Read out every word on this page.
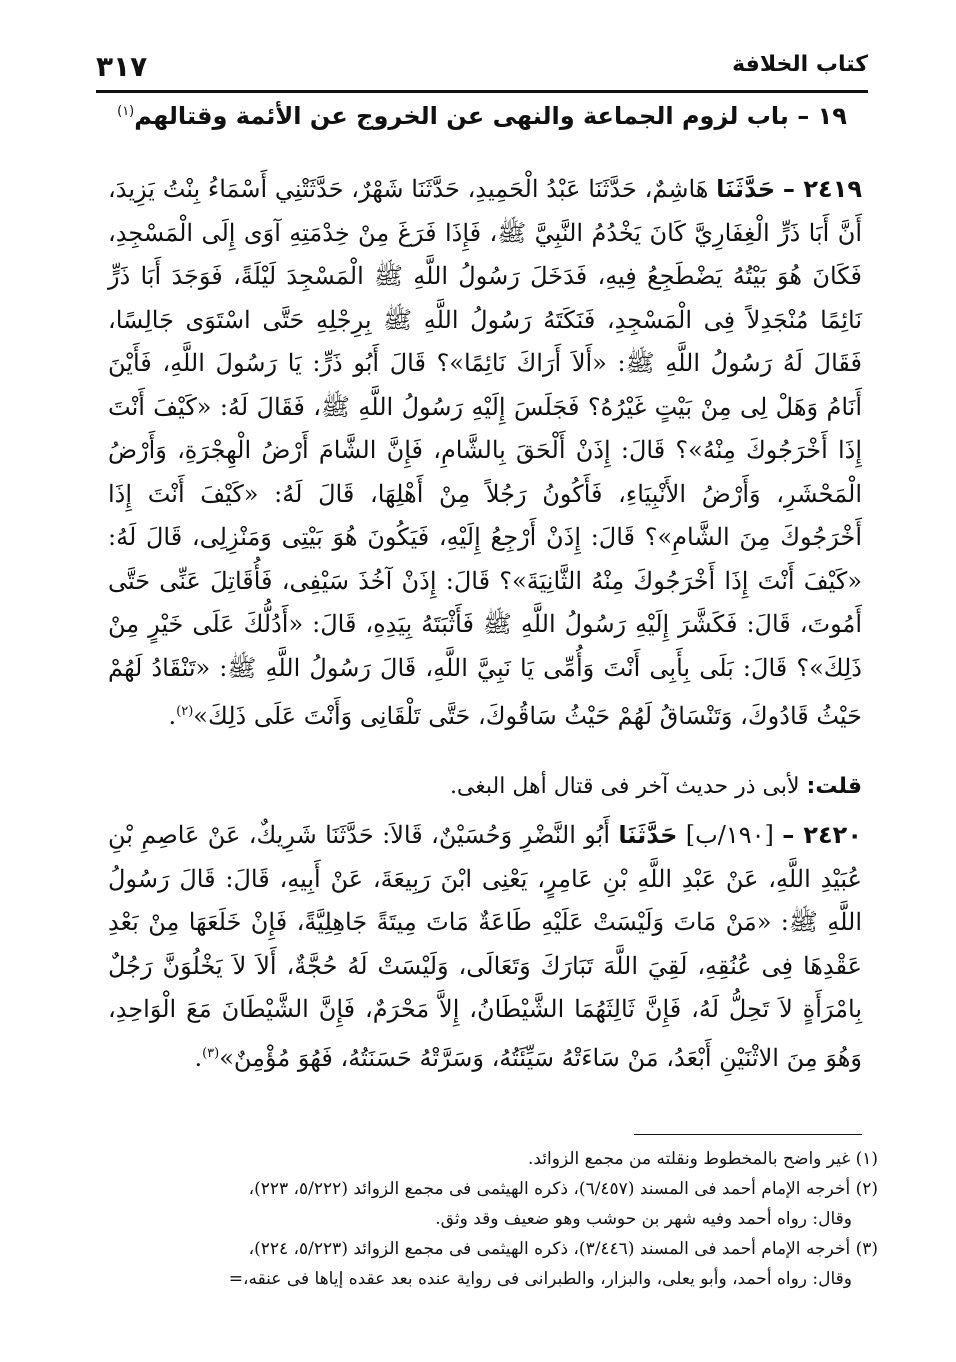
كتاب الخلافة
٣١٧
١٩ – باب لزوم الجماعة والنهى عن الخروج عن الأئمة وقتالهم$^{(١)}$

٢٤١٩ – حَدَّثَنَا هَاشِمٌ، حَدَّثَنَا عَبْدُ الْحَمِيدِ، حَدَّثَنَا شَهْرٌ، حَدَّثَتْنِي أَسْمَاءُ بِنْتُ يَزِيدَ، أَنَّ أَبَا ذَرٍّ الْغِفَارِيَّ كَانَ يَخْدُمُ النَّبِيَّ ﷺ، فَإِذَا فَرَغَ مِنْ خِدْمَتِهِ آوَى إِلَى الْمَسْجِدِ، فَكَانَ هُوَ بَيْتُهُ يَضْطَجِعُ فِيهِ، فَدَخَلَ رَسُولُ اللَّهِ ﷺ الْمَسْجِدَ لَيْلَةً، فَوَجَدَ أَبَا ذَرٍّ نَائِمًا مُنْجَدِلاً فِى الْمَسْجِدِ، فَنَكَتَهُ رَسُولُ اللَّهِ ﷺ بِرِجْلِهِ حَتَّى اسْتَوَى جَالِسًا، فَقَالَ لَهُ رَسُولُ اللَّهِ ﷺ: «أَلاَ أَرَاكَ نَائِمًا»؟ قَالَ أَبُو ذَرٍّ: يَا رَسُولَ اللَّهِ، فَأَيْنَ أَنَامُ وَهَلْ لِى مِنْ بَيْتٍ غَيْرُهُ؟ فَجَلَسَ إِلَيْهِ رَسُولُ اللَّهِ ﷺ، فَقَالَ لَهُ: «كَيْفَ أَنْتَ إِذَا أَخْرَجُوكَ مِنْهُ»؟ قَالَ: إِذَنْ أَلْحَقَ بِالشَّامِ، فَإِنَّ الشَّامَ أَرْضُ الْهِجْرَةِ، وَأَرْضُ الْمَحْشَرِ، وَأَرْضُ الأَنْبِيَاءِ، فَأَكُونُ رَجُلاً مِنْ أَهْلِهَا، قَالَ لَهُ: «كَيْفَ أَنْتَ إِذَا أَخْرَجُوكَ مِنَ الشَّامِ»؟ قَالَ: إِذَنْ أَرْجِعُ إِلَيْهِ، فَيَكُونَ هُوَ بَيْتِى وَمَنْزِلِى، قَالَ لَهُ: «كَيْفَ أَنْتَ إِذَا أَخْرَجُوكَ مِنْهُ الثَّانِيَةَ»؟ قَالَ: إِذَنْ آخُذَ سَيْفِى، فَأُقَاتِلَ عَنِّى حَتَّى أَمُوتَ، قَالَ: فَكَشَّرَ إِلَيْهِ رَسُولُ اللَّهِ ﷺ فَأَثْبَتَهُ بِيَدِهِ، قَالَ: «أَدُلُّكَ عَلَى خَيْرٍ مِنْ ذَلِكَ»؟ قَالَ: بَلَى بِأَبِى أَنْتَ وَأُمِّى يَا نَبِيَّ اللَّهِ، قَالَ رَسُولُ اللَّهِ ﷺ: «تَنْقَادُ لَهُمْ حَيْثُ قَادُوكَ، وَتَنْسَاقُ لَهُمْ حَيْثُ سَاقُوكَ، حَتَّى تَلْقَانِى وَأَنْتَ عَلَى ذَلِكَ»$^{(٢)}$.

قلت: لأبى ذر حديث آخر فى قتال أهل البغى.

٢٤٢٠ – [١٩٠/ب] حَدَّثَنَا أَبُو النَّضْرِ وَحُسَيْنٌ، قَالاَ: حَدَّثَنَا شَرِيكٌ، عَنْ عَاصِمِ بْنِ عُبَيْدِ اللَّهِ، عَنْ عَبْدِ اللَّهِ بْنِ عَامِرٍ، يَعْنِى ابْنَ رَبِيعَةَ، عَنْ أَبِيهِ، قَالَ: قَالَ رَسُولُ اللَّهِ ﷺ: «مَنْ مَاتَ وَلَيْسَتْ عَلَيْهِ طَاعَةٌ مَاتَ مِيتَةً جَاهِلِيَّةً، فَإِنْ خَلَعَهَا مِنْ بَعْدِ عَقْدِهَا فِى عُنُقِهِ، لَقِيَ اللَّهَ تَبَارَكَ وَتَعَالَى، وَلَيْسَتْ لَهُ حُجَّةٌ، أَلاَ لاَ يَخْلُوَنَّ رَجُلٌ بِامْرَأَةٍ لاَ تَحِلُّ لَهُ، فَإِنَّ ثَالِثَهُمَا الشَّيْطَانُ، إِلاَّ مَحْرَمٌ، فَإِنَّ الشَّيْطَانَ مَعَ الْوَاحِدِ، وَهُوَ مِنَ الاثْنَيْنِ أَبْعَدُ، مَنْ سَاءَتْهُ سَيِّئَتُهُ، وَسَرَّتْهُ حَسَنَتُهُ، فَهُوَ مُؤْمِنٌ»$^{(٣)}$.

(١) غير واضح بالمخطوط ونقلته من مجمع الزوائد.

(٢) أخرجه الإمام أحمد فى المسند (٦/٤٥٧)، ذكره الهيثمى فى مجمع الزوائد (٥/٢٢٢، ٢٢٣)،

وقال: رواه أحمد وفيه شهر بن حوشب وهو ضعيف وقد وثق.

(٣) أخرجه الإمام أحمد فى المسند (٣/٤٤٦)، ذكره الهيثمى فى مجمع الزوائد (٥/٢٢٣، ٢٢٤)،

وقال: رواه أحمد، وأبو يعلى، والبزار، والطبرانى فى رواية عنده بعد عقده إياها فى عنقه،=
